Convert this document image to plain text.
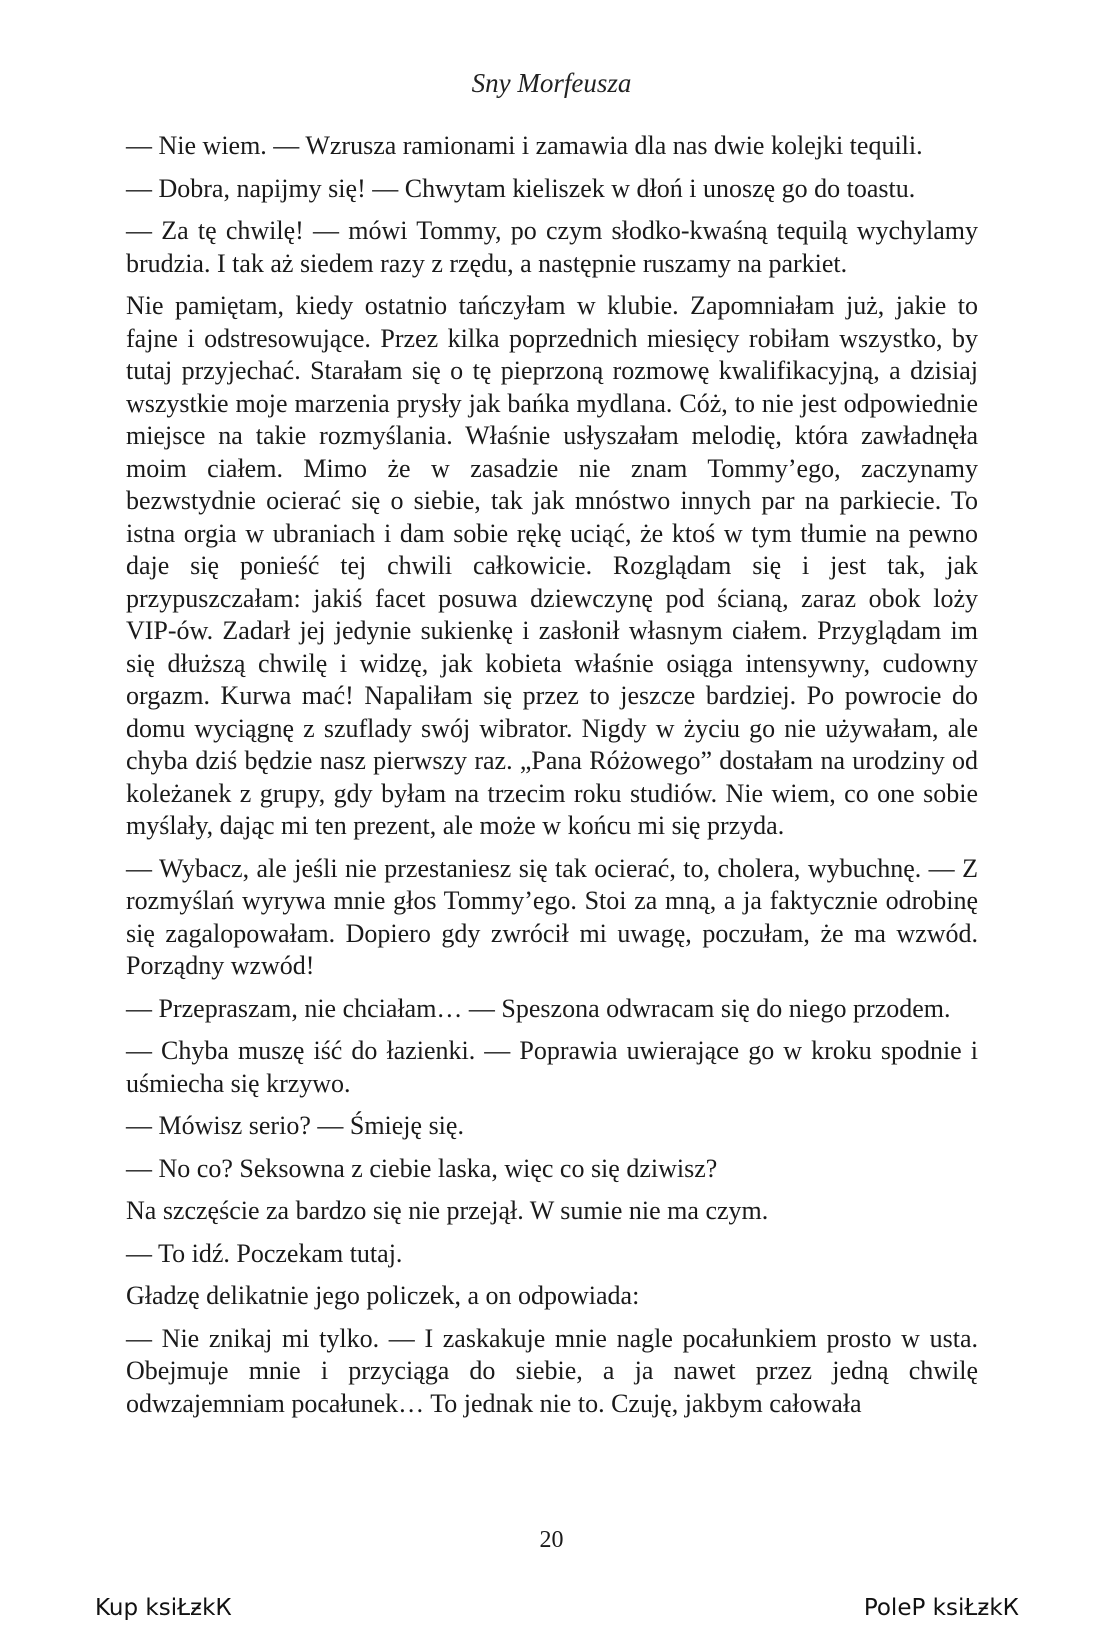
Sny Morfeusza

— Nie wiem. — Wzrusza ramionami i zamawia dla nas dwie kolejki tequili.

— Dobra, napijmy się! — Chwytam kieliszek w dłoń i unoszę go do toastu.

— Za tę chwilę! — mówi Tommy, po czym słodko-kwaśną tequilą wychylamy brudzia. I tak aż siedem razy z rzędu, a następnie ruszamy na parkiet.

Nie pamiętam, kiedy ostatnio tańczyłam w klubie. Zapomniałam już, jakie to fajne i odstresowujące. Przez kilka poprzednich miesięcy robiłam wszystko, by tutaj przyjechać. Starałam się o tę pieprzoną rozmowę kwalifikacyjną, a dzisiaj wszystkie moje marzenia prysły jak bańka mydlana. Cóż, to nie jest odpowiednie miejsce na takie rozmyślania. Właśnie usłyszałam melodię, która zawładnęła moim ciałem. Mimo że w zasadzie nie znam Tommy’ego, zaczynamy bezwstydnie ocierać się o siebie, tak jak mnóstwo innych par na parkiecie. To istna orgia w ubraniach i dam sobie rękę uciąć, że ktoś w tym tłumie na pewno daje się ponieść tej chwili całkowicie. Rozglądam się i jest tak, jak przypuszczałam: jakiś facet posuwa dziewczynę pod ścianą, zaraz obok loży VIP-ów. Zadarł jej jedynie sukienkę i zasłonił własnym ciałem. Przyglądam im się dłuższą chwilę i widzę, jak kobieta właśnie osiąga intensywny, cudowny orgazm. Kurwa mać! Napaliłam się przez to jeszcze bardziej. Po powrocie do domu wyciągnę z szuflady swój wibrator. Nigdy w życiu go nie używałam, ale chyba dziś będzie nasz pierwszy raz. „Pana Różowego” dostałam na urodziny od koleżanek z grupy, gdy byłam na trzecim roku studiów. Nie wiem, co one sobie myślały, dając mi ten prezent, ale może w końcu mi się przyda.

— Wybacz, ale jeśli nie przestaniesz się tak ocierać, to, cholera, wybuchnę. — Z rozmyślań wyrywa mnie głos Tommy’ego. Stoi za mną, a ja faktycznie odrobinę się zagalopowałam. Dopiero gdy zwrócił mi uwagę, poczułam, że ma wzwód. Porządny wzwód!

— Przepraszam, nie chciałam… — Speszona odwracam się do niego przodem.

— Chyba muszę iść do łazienki. — Poprawia uwierające go w kroku spodnie i uśmiecha się krzywo.

— Mówisz serio? — Śmieję się.

— No co? Seksowna z ciebie laska, więc co się dziwisz?

Na szczęście za bardzo się nie przejął. W sumie nie ma czym.

— To idź. Poczekam tutaj.

Gładzę delikatnie jego policzek, a on odpowiada:

— Nie znikaj mi tylko. — I zaskakuje mnie nagle pocałunkiem prosto w usta. Obejmuje mnie i przyciąga do siebie, a ja nawet przez jedną chwilę odwzajemniam pocałunek… To jednak nie to. Czuję, jakbym całowała

20
Kup ksiŁƶkК	PoleP ksiŁƶkК
